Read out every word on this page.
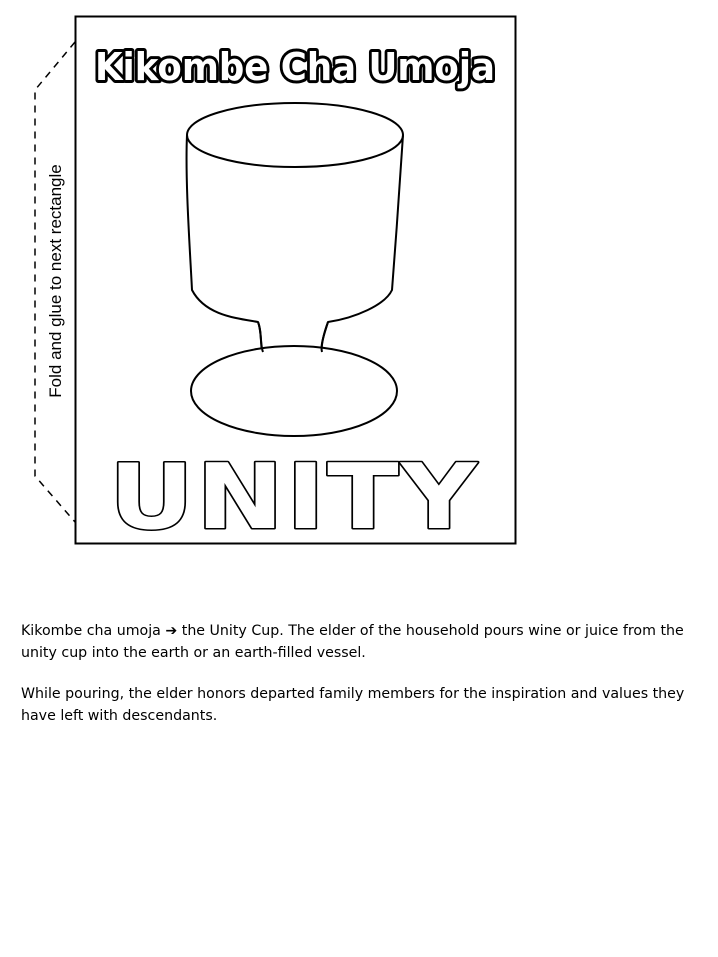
Fold and glue to next rectangle
Kikombe Cha Umoja
UNITY

Kikombe cha umoja ➔ the Unity Cup. The elder of the household pours wine or juice from the unity cup into the earth or an earth-filled vessel.

While pouring, the elder honors departed family members for the inspiration and values they have left with descendants.
